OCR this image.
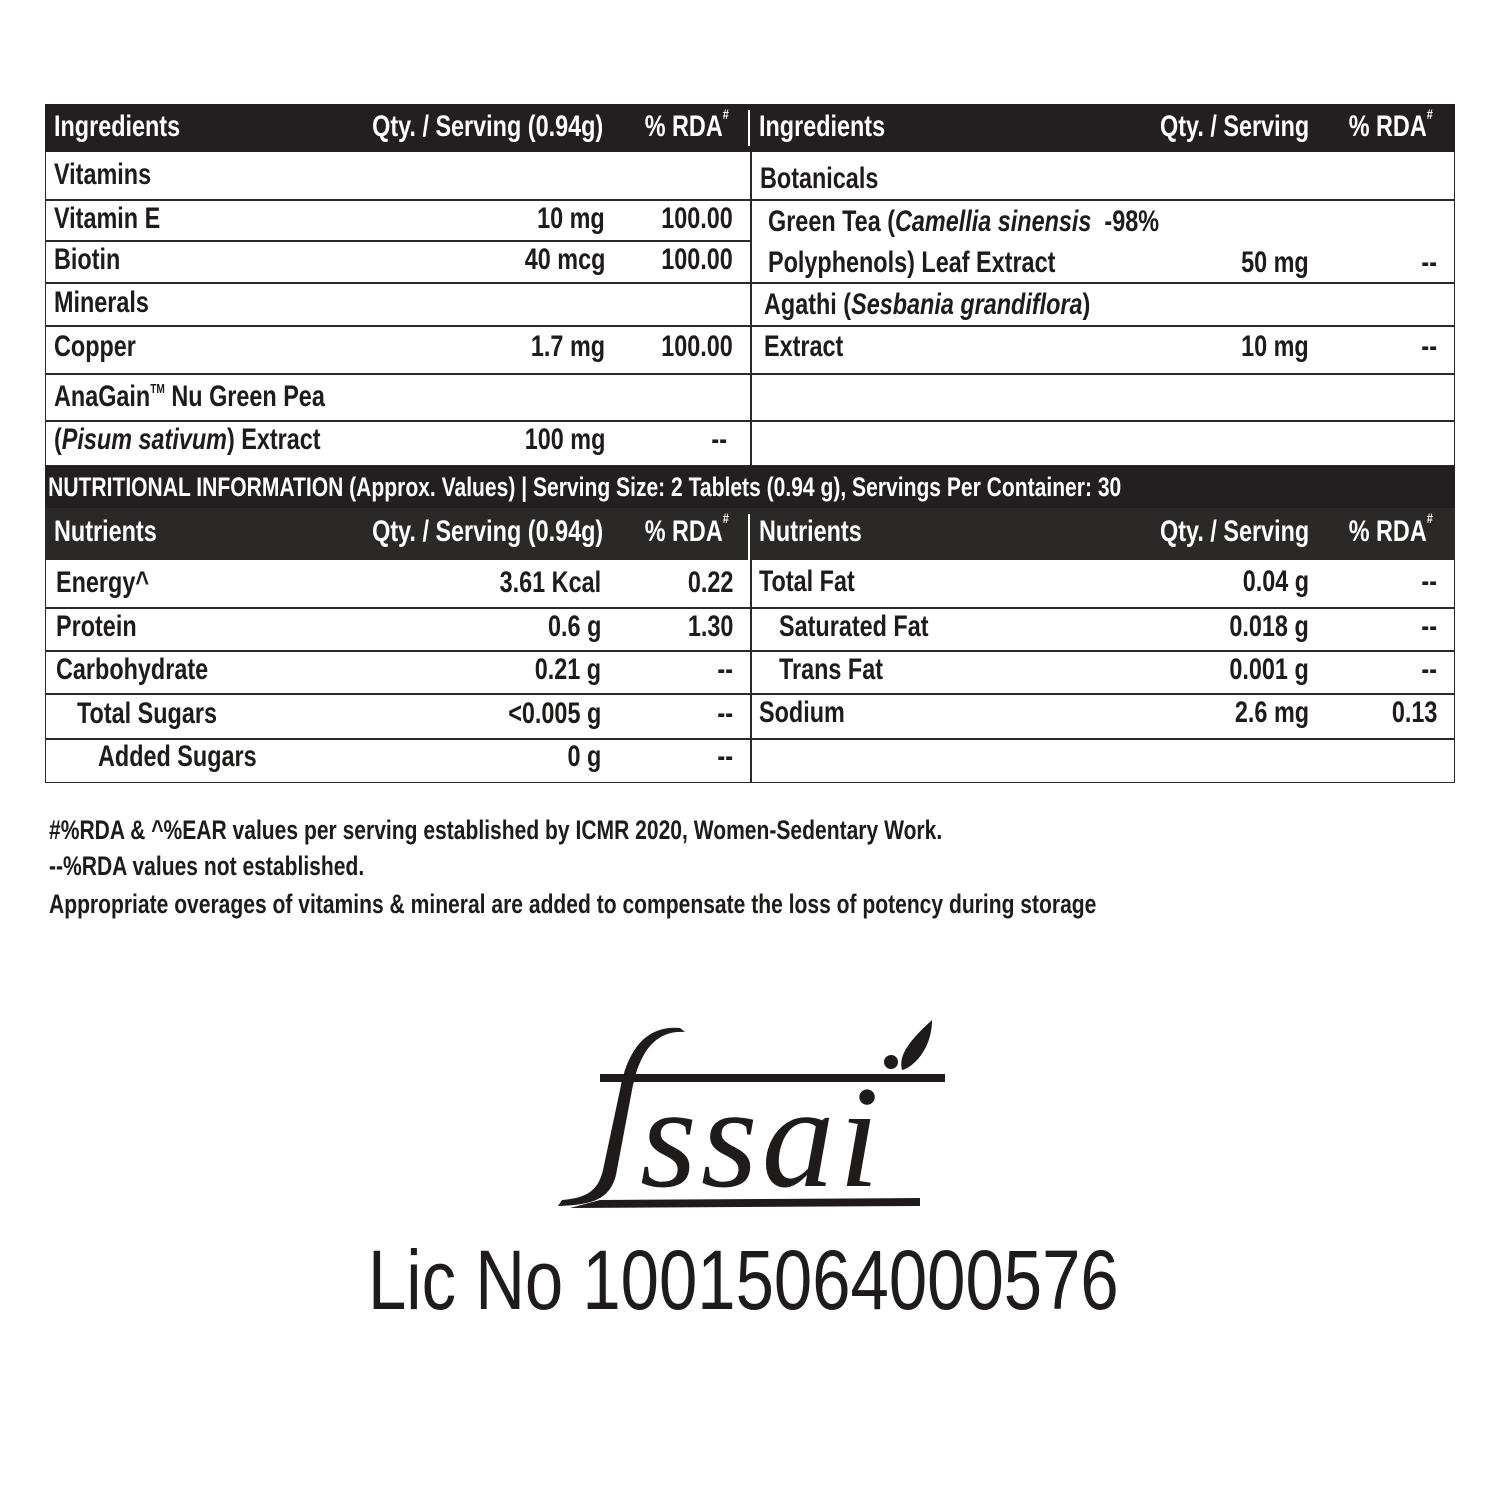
Ingredients	Qty. / Serving (0.94g)	% RDA# Ingredients	Qty. / Serving	% RDA#
Vitamins
Vitamin E	10 mg	100.00
Biotin	40 mcg	100.00
Minerals
Copper	1.7 mg	100.00
AnaGain™ Nu Green Pea
(Pisum sativum) Extract	100 mg	--
Botanicals
Green Tea (Camellia sinensis  -98%
Polyphenols) Leaf Extract	50 mg	--
Agathi (Sesbania grandiflora)
Extract	10 mg	--
NUTRITIONAL INFORMATION (Approx. Values) | Serving Size: 2 Tablets (0.94 g), Servings Per Container: 30
Nutrients	Qty. / Serving (0.94g)	% RDA# Nutrients	Qty. / Serving	% RDA#
Energy^	3.61 Kcal	0.22
Protein	0.6 g	1.30
Carbohydrate	0.21 g	--
Total Sugars	<0.005 g	--
Added Sugars	0 g	--
Total Fat	0.04 g	--
Saturated Fat	0.018 g	--
Trans Fat	0.001 g	--
Sodium	2.6 mg	0.13
#%RDA & ^%EAR values per serving established by ICMR 2020, Women-Sedentary Work.
--%RDA values not established.
Appropriate overages of vitamins & mineral are added to compensate the loss of potency during storage
ssai
Lic No 10015064000576
